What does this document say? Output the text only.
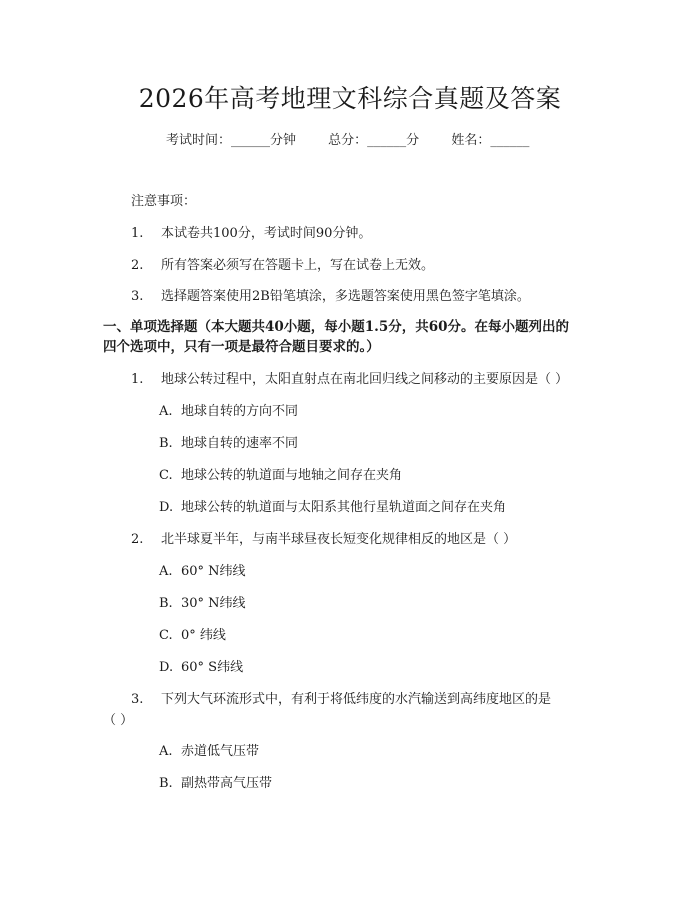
2026年高考地理文科综合真题及答案
考试时间：______分钟 总分：______分 姓名：______
注意事项：
1. 本试卷共100分，考试时间90分钟。
2. 所有答案必须写在答题卡上，写在试卷上无效。
3. 选择题答案使用2B铅笔填涂，多选题答案使用黑色签字笔填涂。
一、单项选择题（本大题共40小题，每小题1.5分，共60分。在每小题列出的
四个选项中，只有一项是最符合题目要求的。）
1. 地球公转过程中，太阳直射点在南北回归线之间移动的主要原因是（ ）
A. 地球自转的方向不同
B. 地球自转的速率不同
C. 地球公转的轨道面与地轴之间存在夹角
D. 地球公转的轨道面与太阳系其他行星轨道面之间存在夹角
2. 北半球夏半年，与南半球昼夜长短变化规律相反的地区是（ ）
A. 60° N纬线
B. 30° N纬线
C. 0° 纬线
D. 60° S纬线
3. 下列大气环流形式中，有利于将低纬度的水汽输送到高纬度地区的是
（ ）
A. 赤道低气压带
B. 副热带高气压带
